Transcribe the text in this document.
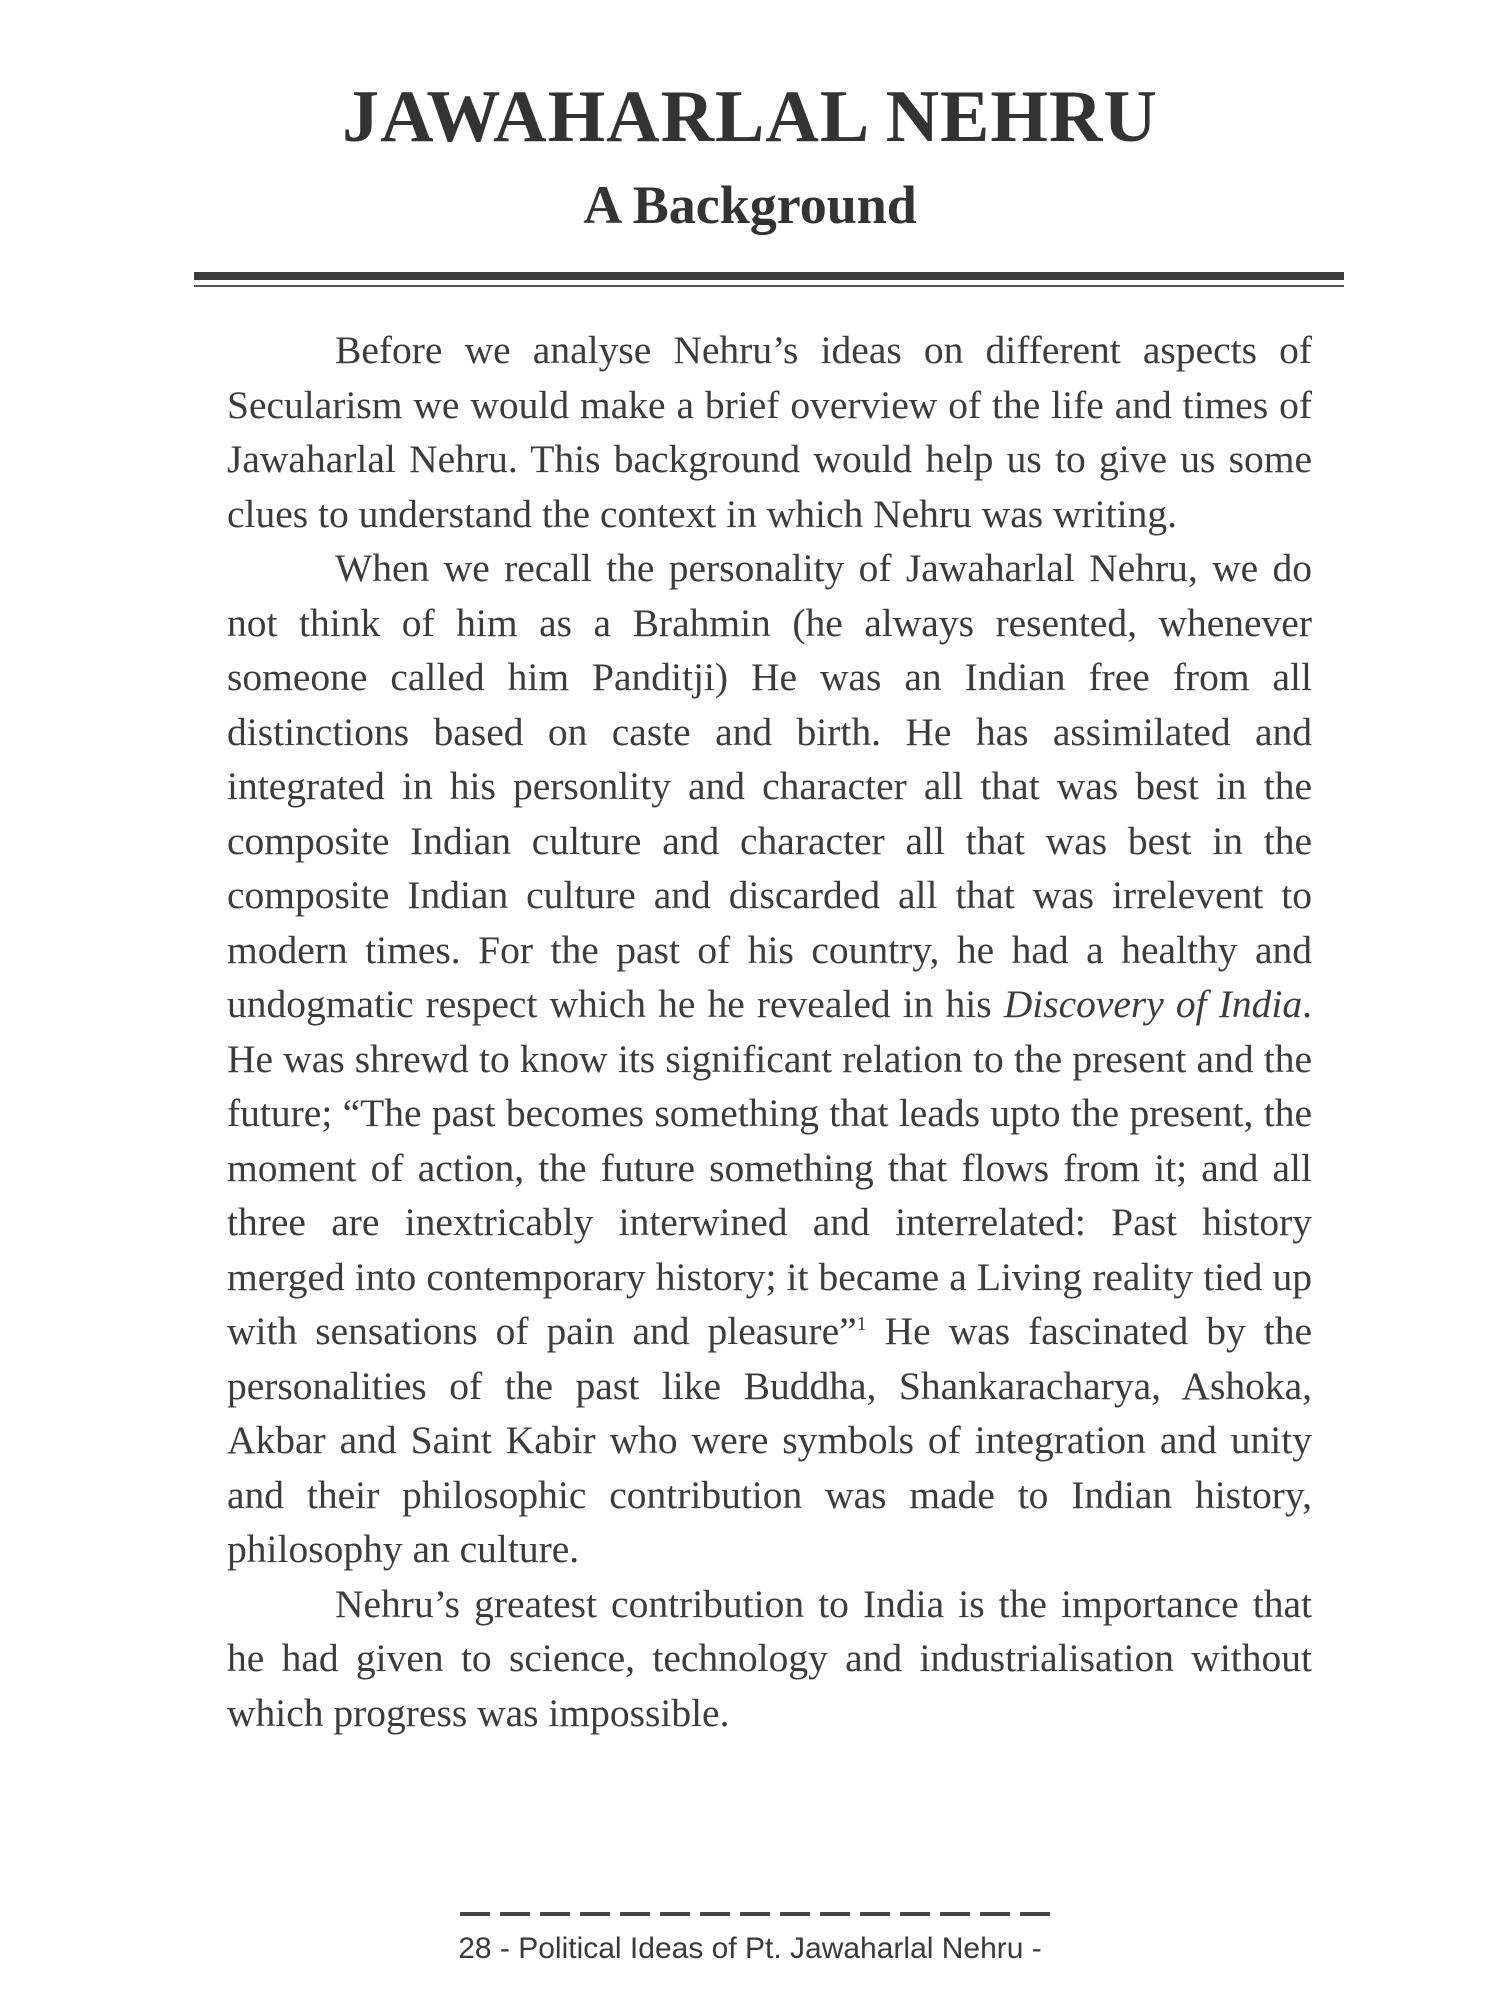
JAWAHARLAL NEHRU
A Background

Before we analyse Nehru’s ideas on different aspects of Secularism we would make a brief overview of the life and times of Jawaharlal Nehru. This background would help us to give us some clues to understand the context in which Nehru was writing.

When we recall the personality of Jawaharlal Nehru, we do not think of him as a Brahmin (he always resented, whenever someone called him Panditji) He was an Indian free from all distinctions based on caste and birth. He has assimilated and integrated in his personlity and character all that was best in the composite Indian culture and character all that was best in the composite Indian culture and discarded all that was irrelevent to modern times. For the past of his country, he had a healthy and undogmatic respect which he he revealed in his Discovery of India. He was shrewd to know its significant relation to the present and the future; “The past becomes something that leads upto the present, the moment of action, the future something that flows from it; and all three are inextricably interwined and interrelated: Past history merged into contemporary history; it became a Living reality tied up with sensations of pain and pleasure”$^1$ He was fascinated by the personalities of the past like Buddha, Shankaracharya, Ashoka, Akbar and Saint Kabir who were symbols of integration and unity and their philosophic contribution was made to Indian history, philosophy an culture.

Nehru’s greatest contribution to India is the importance that he had given to science, technology and industrialisation without which progress was impossible.

28 - Political Ideas of Pt. Jawaharlal Nehru -
